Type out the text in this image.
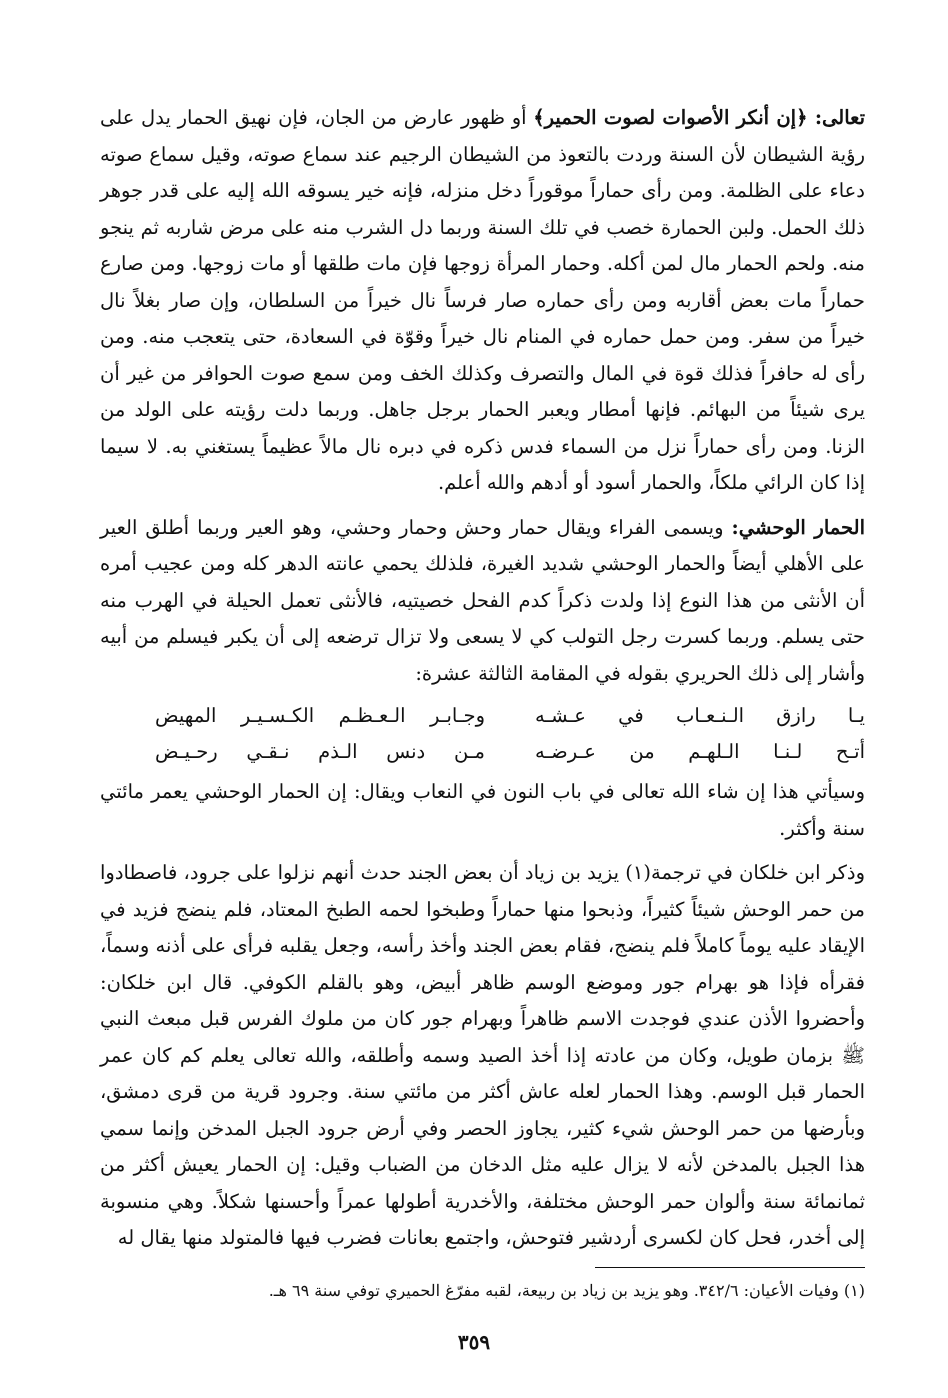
تعالى: ﴿إن أنكر الأصوات لصوت الحمير﴾ أو ظهور عارض من الجان، فإن نهيق الحمار يدل على رؤية الشيطان لأن السنة وردت بالتعوذ من الشيطان الرجيم عند سماع صوته، وقيل سماع صوته دعاء على الظلمة. ومن رأى حماراً موقوراً دخل منزله، فإنه خير يسوقه الله إليه على قدر جوهر ذلك الحمل. ولبن الحمارة خصب في تلك السنة وربما دل الشرب منه على مرض شاربه ثم ينجو منه. ولحم الحمار مال لمن أكله. وحمار المرأة زوجها فإن مات طلقها أو مات زوجها. ومن صارع حماراً مات بعض أقاربه ومن رأى حماره صار فرساً نال خيراً من السلطان، وإن صار بغلاً نال خيراً من سفر. ومن حمل حماره في المنام نال خيراً وقوّة في السعادة، حتى يتعجب منه. ومن رأى له حافراً فذلك قوة في المال والتصرف وكذلك الخف ومن سمع صوت الحوافر من غير أن يرى شيئاً من البهائم. فإنها أمطار ويعبر الحمار برجل جاهل. وربما دلت رؤيته على الولد من الزنا. ومن رأى حماراً نزل من السماء فدس ذكره في دبره نال مالاً عظيماً يستغني به. لا سيما إذا كان الرائي ملكاً، والحمار أسود أو أدهم والله أعلم.

الحمار الوحشي: ويسمى الفراء ويقال حمار وحش وحمار وحشي، وهو العير وربما أطلق العير على الأهلي أيضاً والحمار الوحشي شديد الغيرة، فلذلك يحمي عانته الدهر كله ومن عجيب أمره أن الأنثى من هذا النوع إذا ولدت ذكراً كدم الفحل خصيتيه، فالأنثى تعمل الحيلة في الهرب منه حتى يسلم. وربما كسرت رجل التولب كي لا يسعى ولا تزال ترضعه إلى أن يكبر فيسلم من أبيه وأشار إلى ذلك الحريري بقوله في المقامة الثالثة عشرة:

يـا رازق الـنـعـاب في عـشـه
وجـابـر الـعـظـم الكـسـيـر المهيض
أتـح لـنـا الـلهـم من عـرضـه
مـن دنس الـذم نـقـي رحـيـض

وسيأتي هذا إن شاء الله تعالى في باب النون في النعاب ويقال: إن الحمار الوحشي يعمر مائتي سنة وأكثر.

وذكر ابن خلكان في ترجمة(١) يزيد بن زياد أن بعض الجند حدث أنهم نزلوا على جرود، فاصطادوا من حمر الوحش شيئاً كثيراً، وذبحوا منها حماراً وطبخوا لحمه الطبخ المعتاد، فلم ينضج فزيد في الإيقاد عليه يوماً كاملاً فلم ينضج، فقام بعض الجند وأخذ رأسه، وجعل يقلبه فرأى على أذنه وسماً، فقرأه فإذا هو بهرام جور وموضع الوسم ظاهر أبيض، وهو بالقلم الكوفي. قال ابن خلكان: وأحضروا الأذن عندي فوجدت الاسم ظاهراً وبهرام جور كان من ملوك الفرس قبل مبعث النبي ﷺ بزمان طويل، وكان من عادته إذا أخذ الصيد وسمه وأطلقه، والله تعالى يعلم كم كان عمر الحمار قبل الوسم. وهذا الحمار لعله عاش أكثر من مائتي سنة. وجرود قرية من قرى دمشق، وبأرضها من حمر الوحش شيء كثير، يجاوز الحصر وفي أرض جرود الجبل المدخن وإنما سمي هذا الجبل بالمدخن لأنه لا يزال عليه مثل الدخان من الضباب وقيل: إن الحمار يعيش أكثر من ثمانمائة سنة وألوان حمر الوحش مختلفة، والأخدرية أطولها عمراً وأحسنها شكلاً. وهي منسوبة إلى أخدر، فحل كان لكسرى أردشير فتوحش، واجتمع بعانات فضرب فيها فالمتولد منها يقال له

(١) وفيات الأعيان: ٣٤٢/٦. وهو يزيد بن زياد بن ربيعة، لقبه مفرّغ الحميري توفي سنة ٦٩ هـ.
٣٥٩
